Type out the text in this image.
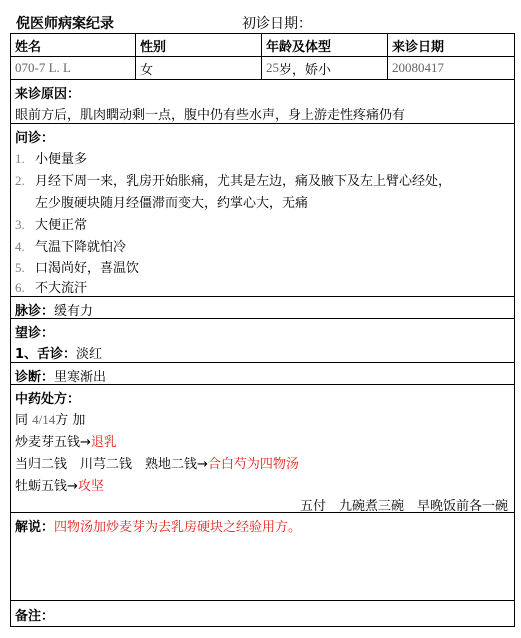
倪医师病案纪录	初诊日期：
姓名	性别	年龄及体型	来诊日期
070-7 L. L	女	25 岁，娇小	20080417
来诊原因：
眼前方后，肌肉瞤动剩一点，腹中仍有些水声，身上游走性疼痛仍有
问诊：
1. 小便量多
2. 月经下周一来，乳房开始胀痛，尤其是左边，痛及腋下及左上臂心经处，
左少腹硬块随月经僵滞而变大，约掌心大，无痛
3. 大便正常
4. 气温下降就怕冷
5. 口渴尚好，喜温饮
6. 不大流汗
脉诊：缓有力
望诊：
1、舌诊：淡红
诊断：里寒渐出
中药处方：
同 4/14方 加
炒麦芽五钱→退乳
当归二钱　川芎二钱　熟地二钱→合白芍为四物汤
牡蛎五钱→攻坚
五付　九碗煮三碗　早晚饭前各一碗
解说：四物汤加炒麦芽为去乳房硬块之经验用方。
备注：
